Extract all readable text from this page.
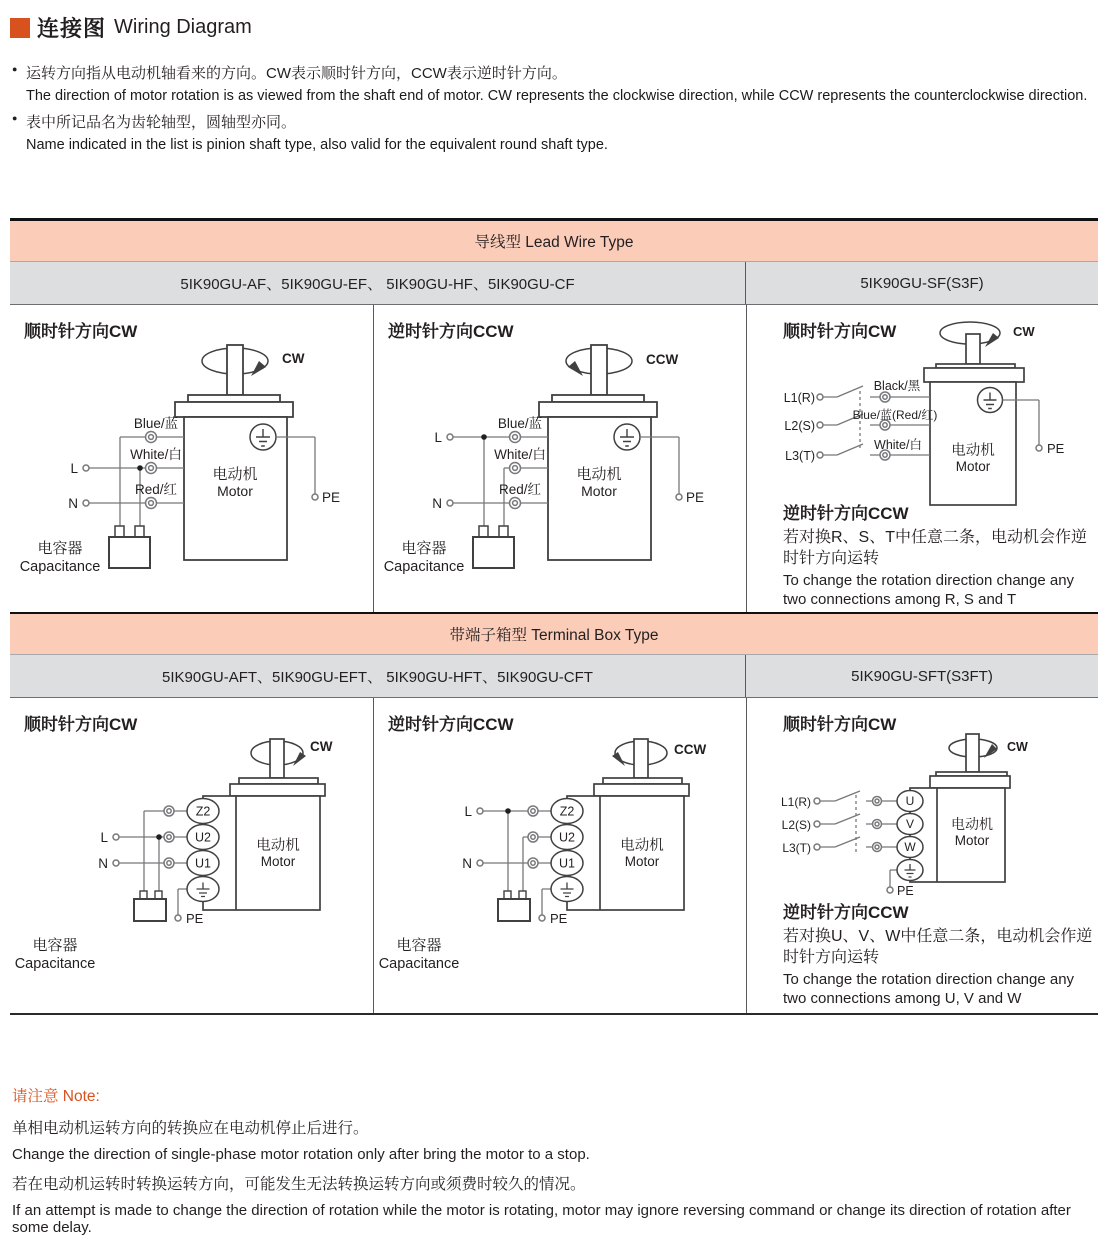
连接图 Wiring Diagram
● 运转方向指从电动机轴看来的方向。CW表示顺时针方向，CCW表示逆时针方向。
The direction of motor rotation is as viewed from the shaft end of motor. CW represents the clockwise direction, while CCW represents the counterclockwise direction.
● 表中所记品名为齿轮轴型，圆轴型亦同。
Name indicated in the list is pinion shaft type, also valid for the equivalent round shaft type.
导线型 Lead Wire Type
5IK90GU-AF、5IK90GU-EF、 5IK90GU-HF、5IK90GU-CF	5IK90GU-SF(S3F)
顺时针方向CW
Blue/蓝
White/白
Red/红
L
N	PE
CW
电动机
Motor
电容器
Capacitance
逆时针方向CCW
Blue/蓝
White/白
Red/红
L
N	PE
CCW
电动机
Motor
电容器
Capacitance
顺时针方向CW
L1(R)
L2(S)
L3(T)
Black/黑
Blue/蓝(Red/红)
White/白	PE
CW
电动机
Motor
逆时针方向CCW
若对换R、S、T中任意二条，电动机会作逆时针方向运转
To change the rotation direction change any two connections among R, S and T
带端子箱型 Terminal Box Type
5IK90GU-AFT、5IK90GU-EFT、 5IK90GU-HFT、5IK90GU-CFT	5IK90GU-SFT(S3FT)
顺时针方向CW
Z2
U2
U1
L
N
PE
CW
电动机
Motor
电容器
Capacitance
逆时针方向CCW
Z2
U2
U1
L
N
PE
CCW
电动机
Motor
电容器
Capacitance
顺时针方向CW
L1(R)
L2(S)
L3(T)
U
V
W
PE
CW
电动机
Motor
逆时针方向CCW
若对换U、V、W中任意二条，电动机会作逆时针方向运转
To change the rotation direction change any two connections among U, V and W
请注意 Note:
单相电动机运转方向的转换应在电动机停止后进行。
Change the direction of single-phase motor rotation only after bring the motor to a stop.
若在电动机运转时转换运转方向，可能发生无法转换运转方向或须费时较久的情况。
If an attempt is made to change the direction of rotation while the motor is rotating, motor may ignore reversing command or change its direction of rotation after some delay.
